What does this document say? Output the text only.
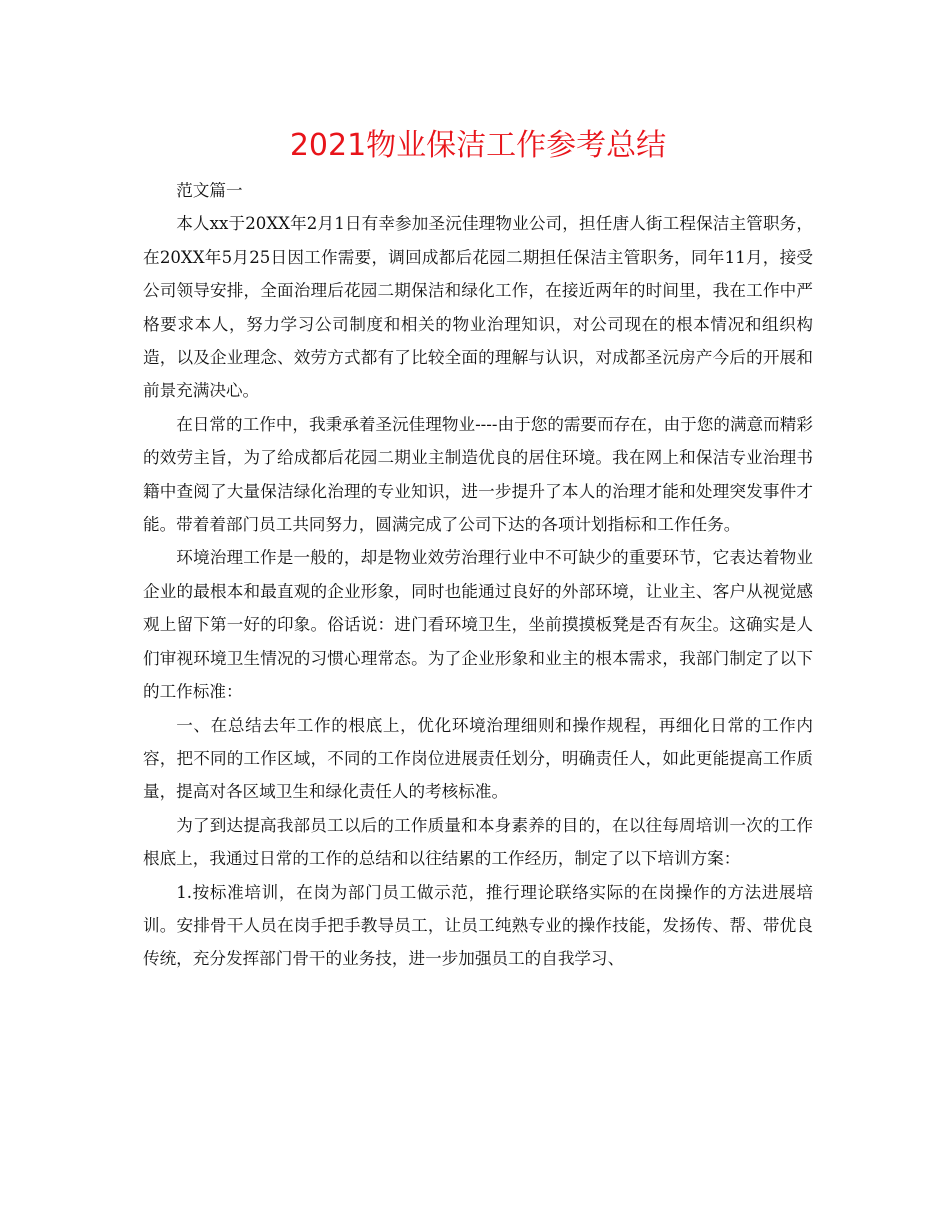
2021物业保洁工作参考总结

范文篇一

本人xx于20XX年2月1日有幸参加圣沅佳理物业公司，担任唐人街工程保洁主管职务，在20XX年5月25日因工作需要，调回成都后花园二期担任保洁主管职务，同年11月，接受公司领导安排，全面治理后花园二期保洁和绿化工作，在接近两年的时间里，我在工作中严格要求本人，努力学习公司制度和相关的物业治理知识，对公司现在的根本情况和组织构造，以及企业理念、效劳方式都有了比较全面的理解与认识，对成都圣沅房产今后的开展和前景充满决心。

在日常的工作中，我秉承着圣沅佳理物业----由于您的需要而存在，由于您的满意而精彩的效劳主旨，为了给成都后花园二期业主制造优良的居住环境。我在网上和保洁专业治理书籍中查阅了大量保洁绿化治理的专业知识，进一步提升了本人的治理才能和处理突发事件才能。带着着部门员工共同努力，圆满完成了公司下达的各项计划指标和工作任务。

环境治理工作是一般的，却是物业效劳治理行业中不可缺少的重要环节，它表达着物业企业的最根本和最直观的企业形象，同时也能通过良好的外部环境，让业主、客户从视觉感观上留下第一好的印象。俗话说：进门看环境卫生，坐前摸摸板凳是否有灰尘。这确实是人们审视环境卫生情况的习惯心理常态。为了企业形象和业主的根本需求，我部门制定了以下的工作标准：

一、在总结去年工作的根底上，优化环境治理细则和操作规程，再细化日常的工作内容，把不同的工作区域，不同的工作岗位进展责任划分，明确责任人，如此更能提高工作质量，提高对各区域卫生和绿化责任人的考核标准。

为了到达提高我部员工以后的工作质量和本身素养的目的，在以往每周培训一次的工作根底上，我通过日常的工作的总结和以往结累的工作经历，制定了以下培训方案：

1.按标准培训，在岗为部门员工做示范，推行理论联络实际的在岗操作的方法进展培训。安排骨干人员在岗手把手教导员工，让员工纯熟专业的操作技能，发扬传、帮、带优良传统，充分发挥部门骨干的业务技，进一步加强员工的自我学习、
